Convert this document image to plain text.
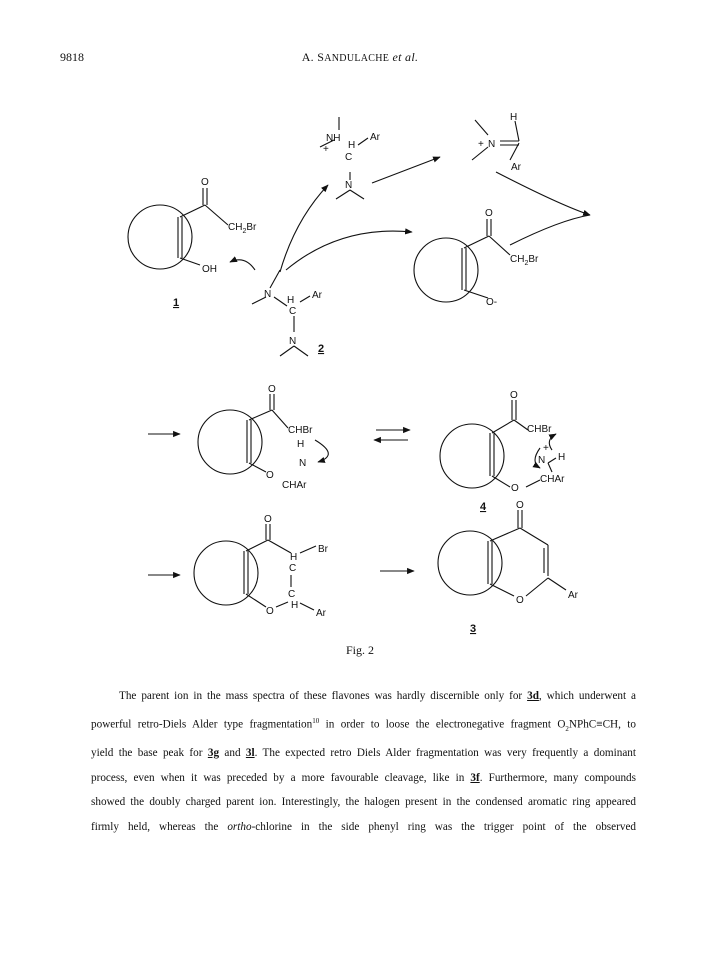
9818	A. SANDULACHE et al.
O
$CH_2Br$
OH
1
N
H
C
Ar
N
2
NH
+ H
C
Ar
N
+ N
H
Ar
O
$CH_2Br$
O-
O
CHBr
H
N
O
CHAr
O
CHBr
+
N H
O
CHAr
4
O
H
C
Br
C
H
O	Ar
O
O	Ar
3
Fig. 2

The parent ion in the mass spectra of these flavones was hardly discernible only for 3d, which underwent a
powerful retro-Diels Alder type fragmentation$^{10}$ in order to loose the electronegative fragment $O_2NPhC\equiv CH$, to
yield the base peak for 3g and 3l. The expected retro Diels Alder fragmentation was very frequently a dominant
process, even when it was preceded by a more favourable cleavage, like in 3f. Furthermore, many compounds
showed the doubly charged parent ion. Interestingly, the halogen present in the condensed aromatic ring appeared
firmly held, whereas the ortho-chlorine in the side phenyl ring was the trigger point of the observed
